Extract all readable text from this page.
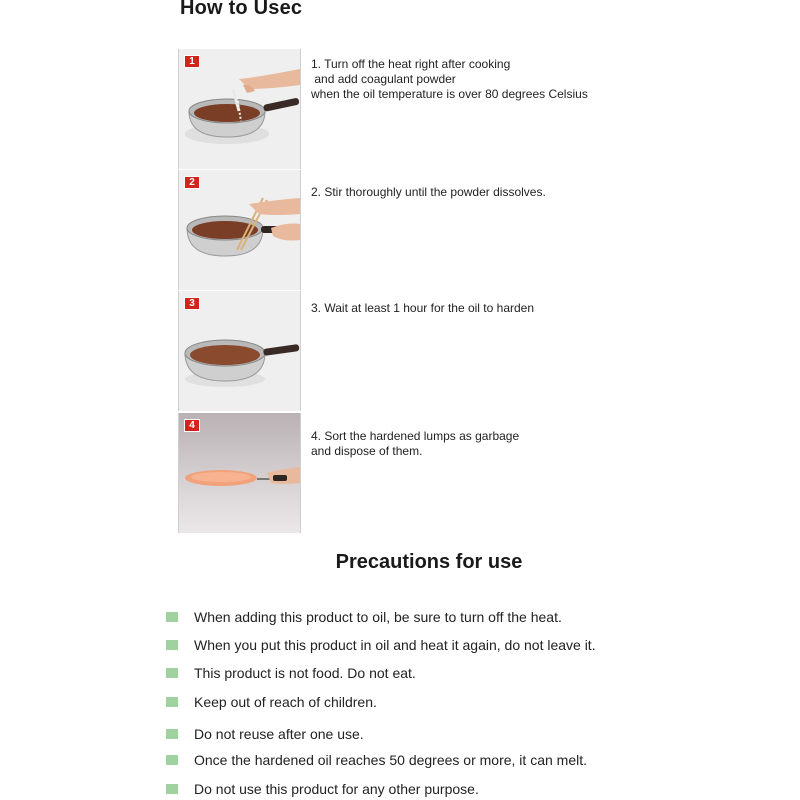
How to Usec
1	1. Turn off the heat right after cooking
and add coagulant powder
when the oil temperature is over 80 degrees Celsius
2
2. Stir thoroughly until the powder dissolves.
3	3. Wait at least 1 hour for the oil to harden
4
4. Sort the hardened lumps as garbage
and dispose of them.
Precautions for use
When adding this product to oil, be sure to turn off the heat.
When you put this product in oil and heat it again, do not leave it.
This product is not food. Do not eat.
Keep out of reach of children.
Do not reuse after one use.
Once the hardened oil reaches 50 degrees or more, it can melt.
Do not use this product for any other purpose.
